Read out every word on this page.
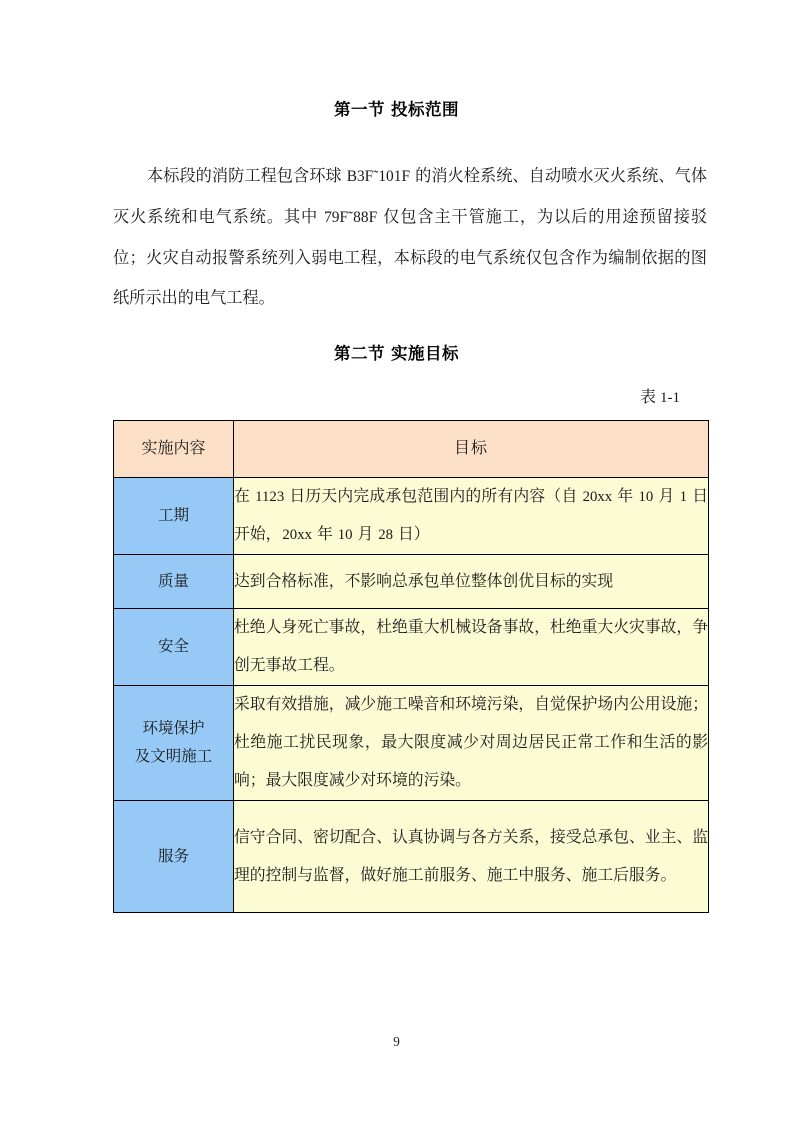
第一节 投标范围

本标段的消防工程包含环球 B3F˜101F 的消火栓系统、自动喷水灭火系统、气体灭火系统和电气系统。其中 79F˜88F 仅包含主干管施工，为以后的用途预留接驳位；火灾自动报警系统列入弱电工程，本标段的电气系统仅包含作为编制依据的图纸所示出的电气工程。

第二节 实施目标
表 1-1
实施内容	目标
工期	在 1123 日历天内完成承包范围内的所有内容（自 20xx 年 10 月 1 日开始，20xx 年 10 月 28 日）
质量	达到合格标准，不影响总承包单位整体创优目标的实现
安全	杜绝人身死亡事故，杜绝重大机械设备事故，杜绝重大火灾事故，争创无事故工程。

环境保护
及文明施工	采取有效措施，减少施工噪音和环境污染，自觉保护场内公用设施；杜绝施工扰民现象，最大限度减少对周边居民正常工作和生活的影响；最大限度减少对环境的污染。
服务	信守合同、密切配合、认真协调与各方关系，接受总承包、业主、监理的控制与监督，做好施工前服务、施工中服务、施工后服务。
9
